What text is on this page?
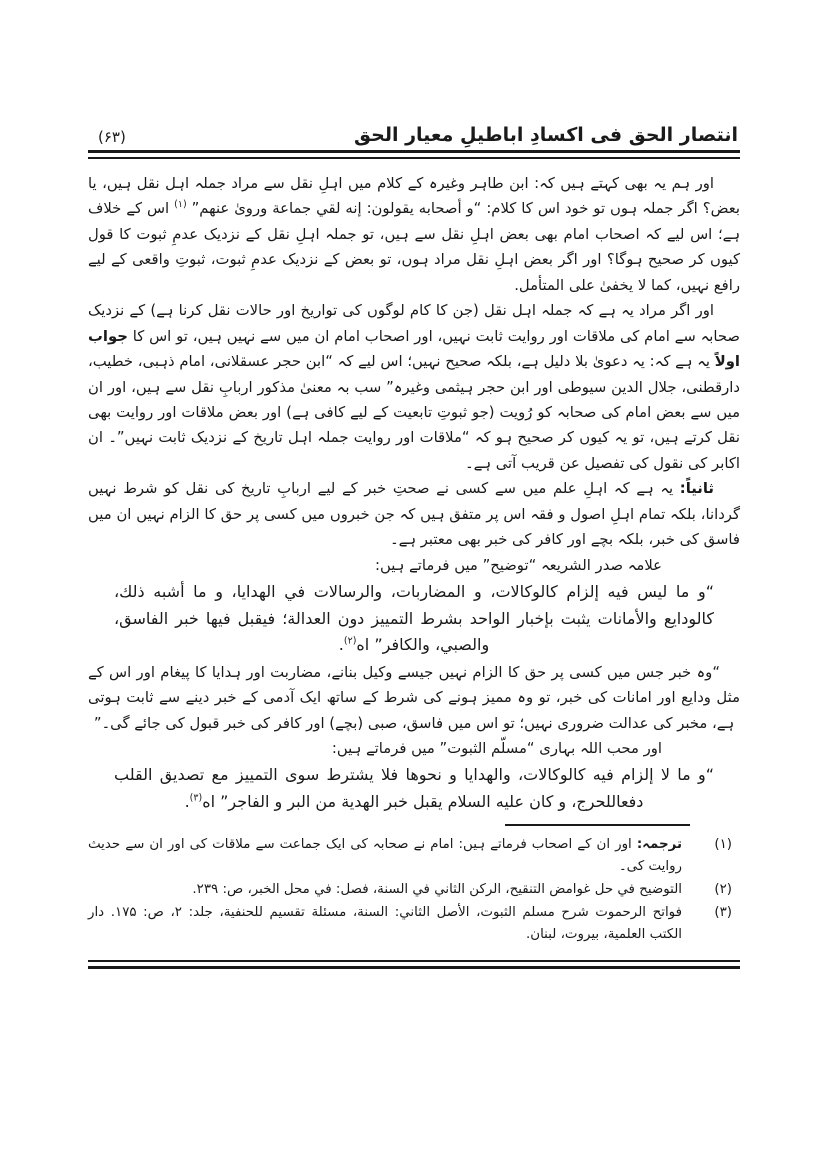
انتصار الحق فی اکسادِ اباطیلِ معیار الحق
(۶۳)

اور ہم یہ بھی کہتے ہیں کہ: ابن طاہر وغیرہ کے کلام میں اہلِ نقل سے مراد جملہ اہل نقل ہیں، یا بعض؟ اگر جملہ ہوں تو خود اس کا کلام: “و أصحابه يقولون: إنه لقي جماعة وروىٰ عنهم” $^{(۱)}$ اس کے خلاف ہے؛ اس لیے کہ اصحاب امام بھی بعض اہلِ نقل سے ہیں، تو جملہ اہلِ نقل کے نزدیک عدمِ ثبوت کا قول کیوں کر صحیح ہوگا؟ اور اگر بعض اہلِ نقل مراد ہوں، تو بعض کے نزدیک عدمِ ثبوت، ثبوتِ واقعی کے لیے رافع نہیں، کما لا يخفىٰ على المتأمل.

اور اگر مراد یہ ہے کہ جملہ اہل نقل (جن کا کام لوگوں کی تواریخ اور حالات نقل کرنا ہے) کے نزدیک صحابہ سے امام کی ملاقات اور روایت ثابت نہیں، اور اصحاب امام ان میں سے نہیں ہیں، تو اس کا جواب اولاً یہ ہے کہ: یہ دعویٰ بلا دلیل ہے، بلکہ صحیح نہیں؛ اس لیے کہ “ابن حجر عسقلانی، امام ذہبی، خطیب، دارقطنی، جلال الدین سیوطی اور ابن حجر ہیثمی وغیرہ” سب بہ معنیٰ مذکور اربابِ نقل سے ہیں، اور ان میں سے بعض امام کی صحابہ کو رُویت (جو ثبوتِ تابعیت کے لیے کافی ہے) اور بعض ملاقات اور روایت بھی نقل کرتے ہیں، تو یہ کیوں کر صحیح ہو کہ “ملاقات اور روایت جملہ اہل تاریخ کے نزدیک ثابت نہیں”۔ ان اکابر کی نقول کی تفصیل عن قریب آتی ہے۔

ثانیاً: یہ ہے کہ اہلِ علم میں سے کسی نے صحتِ خبر کے لیے اربابِ تاریخ کی نقل کو شرط نہیں گردانا، بلکہ تمام اہلِ اصول و فقہ اس پر متفق ہیں کہ جن خبروں میں کسی پر حق کا الزام نہیں ان میں فاسق کی خبر، بلکہ بچے اور کافر کی خبر بھی معتبر ہے۔

علامہ صدر الشریعہ “توضیح” میں فرماتے ہیں:

“و ما ليس فيه إلزام كالوكالات، و المضاربات، والرسالات في الهدايا، و ما أشبه ذلك، كالودايع والأمانات يثبت بإخبار الواحد بشرط التمييز دون العدالة؛ فيقبل فيها خبر الفاسق، والصبي، والكافر” اه$^{(۲)}$.

“وہ خبر جس میں کسی پر حق کا الزام نہیں جیسے وکیل بنانے، مضاربت اور ہدایا کا پیغام اور اس کے مثل ودایع اور امانات کی خبر، تو وہ ممیز ہونے کی شرط کے ساتھ ایک آدمی کے خبر دینے سے ثابت ہوتی ہے، مخبر کی عدالت ضروری نہیں؛ تو اس میں فاسق، صبی (بچے) اور کافر کی خبر قبول کی جائے گی۔”

اور محب اللہ بہاری “مسلّم الثبوت” میں فرماتے ہیں:

“و ما لا إلزام فيه كالوكالات، والهدايا و نحوها فلا يشترط سوى التمييز مع تصديق القلب دفعاللحرج، و كان عليه السلام يقبل خبر الهدية من البر و الفاجر” اه$^{(۳)}$.

(۱)
ترجمہ: اور ان کے اصحاب فرماتے ہیں: امام نے صحابہ کی ایک جماعت سے ملاقات کی اور ان سے حدیث روایت کی۔
(۲)
التوضيح في حل غوامض التنقيح، الركن الثاني في السنة، فصل: في محل الخبر، ص: ۲۳۹.
(۳)
فواتح الرحموت شرح مسلم الثبوت، الأصل الثاني: السنة، مسئلة تقسيم للحنفية، جلد: ۲، ص: ۱۷۵. دار الكتب العلمية، بيروت، لبنان.
